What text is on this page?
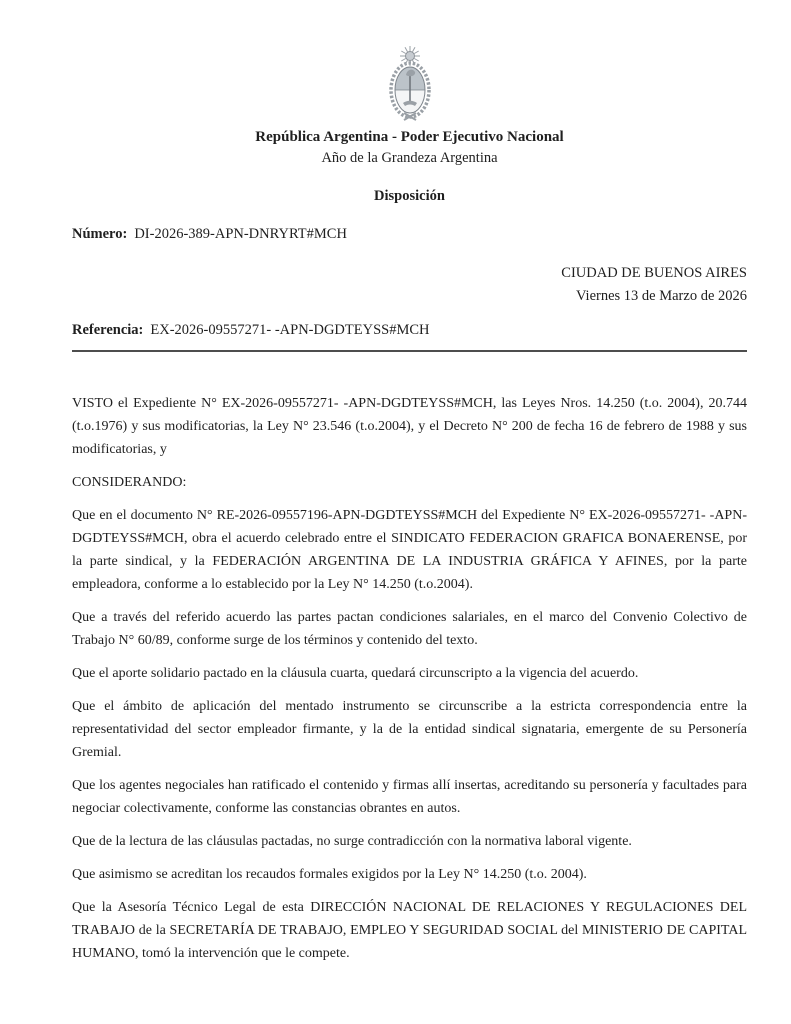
República Argentina - Poder Ejecutivo Nacional
Año de la Grandeza Argentina
Disposición
Número: DI-2026-389-APN-DNRYRT#MCH
CIUDAD DE BUENOS AIRES
Viernes 13 de Marzo de 2026
Referencia: EX-2026-09557271- -APN-DGDTEYSS#MCH

VISTO el Expediente N° EX-2026-09557271- -APN-DGDTEYSS#MCH, las Leyes Nros. 14.250 (t.o. 2004), 20.744 (t.o.1976) y sus modificatorias, la Ley N° 23.546 (t.o.2004), y el Decreto N° 200 de fecha 16 de febrero de 1988 y sus modificatorias, y

CONSIDERANDO:

Que en el documento N° RE-2026-09557196-APN-DGDTEYSS#MCH del Expediente N° EX-2026-09557271- -APN-DGDTEYSS#MCH, obra el acuerdo celebrado entre el SINDICATO FEDERACION GRAFICA BONAERENSE, por la parte sindical, y la FEDERACIÓN ARGENTINA DE LA INDUSTRIA GRÁFICA Y AFINES, por la parte empleadora, conforme a lo establecido por la Ley N° 14.250 (t.o.2004).

Que a través del referido acuerdo las partes pactan condiciones salariales, en el marco del Convenio Colectivo de Trabajo N° 60/89, conforme surge de los términos y contenido del texto.

Que el aporte solidario pactado en la cláusula cuarta, quedará circunscripto a la vigencia del acuerdo.

Que el ámbito de aplicación del mentado instrumento se circunscribe a la estricta correspondencia entre la representatividad del sector empleador firmante, y la de la entidad sindical signataria, emergente de su Personería Gremial.

Que los agentes negociales han ratificado el contenido y firmas allí insertas, acreditando su personería y facultades para negociar colectivamente, conforme las constancias obrantes en autos.

Que de la lectura de las cláusulas pactadas, no surge contradicción con la normativa laboral vigente.

Que asimismo se acreditan los recaudos formales exigidos por la Ley N° 14.250 (t.o. 2004).

Que la Asesoría Técnico Legal de esta DIRECCIÓN NACIONAL DE RELACIONES Y REGULACIONES DEL TRABAJO de la SECRETARÍA DE TRABAJO, EMPLEO Y SEGURIDAD SOCIAL del MINISTERIO DE CAPITAL HUMANO, tomó la intervención que le compete.
